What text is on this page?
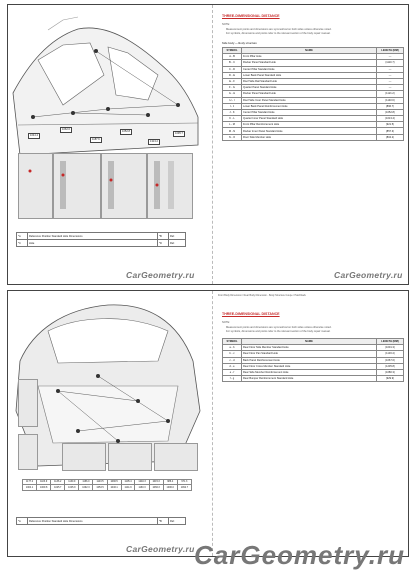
1044.4
1062.0
1187.6
1052.8
1313.2
1095.7
*A	Reference Position Standard Hole Dimensions	*B	Ref.
*C	Hole	*D	Ref.
CarGeometry.ru
THREE-DIMENSIONAL DISTANCE
NOTE:
Measurement points and dimensions are symmetrical on both sides unless otherwise noted.
For symbols, dimensions and points refer to the relevant section of the body repair manual.
Side body — Body structure
SYMBOL	NAME	LENGTH (MM)
A - B	Front Pillar Hole	—
B - C	Rocker Panel Standard Hole	(1110.7)
C - D	Center Pillar Standard Hole	—
D - E	Lower Back Panel Standard Hole	—
E - F	Roof Side Rail Standard Hole	—
F - G	Quarter Panel Standard Hole	—
G - H	Rocker Panel Standard Hole	(1121.2)
H - I	Roof Side Inner Panel Standard Hole	(1140.6)
I - J	Lower Back Panel Reinforcement Hole	(896.7)
J - K	Center Pillar Standard Hole	(1052.8)
K - L	Quarter Inner Panel Standard Hole	(1013.4)
L - M	Front Pillar Reinforcement Hole	(921.5)
M - N	Rocker Inner Panel Standard Hole	(857.3)
N - O	Floor Side Member Hole	(804.2)
CarGeometry.ru
1177.2	1103.9	1136.2	1130.9	1166.0	1143.5	1090.5	1105.4	1240.3	1015.3	986.4	971.3
1004.1	1009.8	1025.7	1045.9	1092.3	1053.5	1046.1	1141.9	1160.3	1066.3	1006.0	1092.7
*A	Reference Position Standard Hole Dimensions	*B	Ref.
CarGeometry.ru
Front Body Dimension / Rear Body Dimension - Body Structure Coupe / Hatchback
THREE-DIMENSIONAL DISTANCE
NOTE:
Measurement points and dimensions are symmetrical on both sides unless otherwise noted.
For symbols, dimensions and points refer to the relevant section of the body repair manual.
SYMBOL	NAME	LENGTH (MM)
a - b	Rear Floor Side Member Standard Hole	(1001.3)
b - c	Rear Floor Pan Standard Hole	(1133.4)
c - d	Back Panel Reinforcement Hole	(1067.6)
d - e	Rear Floor Cross Member Standard Hole	(1235.8)
e - f	Rear Side Member Reinforcement Hole	(1080.3)
f - g	Rear Bumper Reinforcement Standard Hole	(929.9)
CarGeometry.ru
